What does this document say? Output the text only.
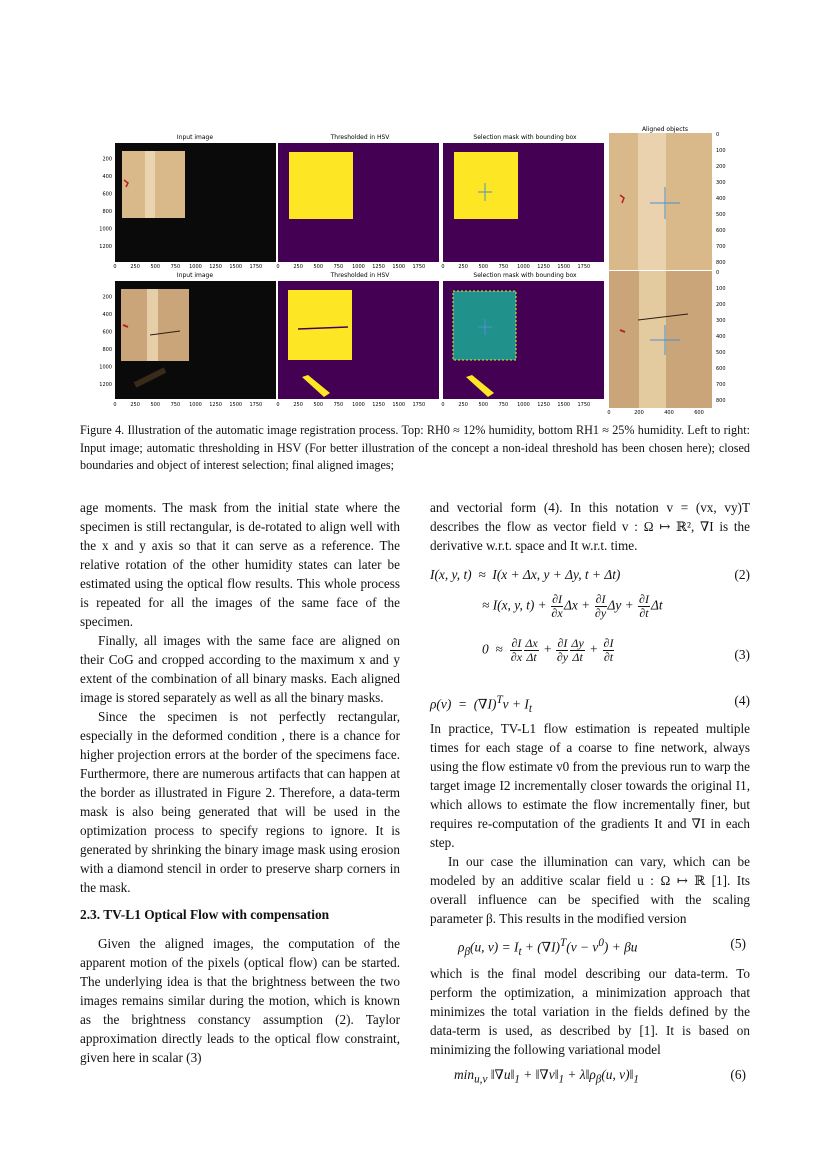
Input image	Thresholded in HSV	Selection mask with bounding box
Aligned objects
Input image	Thresholded in HSV	Selection mask with bounding box
0	250 500 750 1000 1250 1500 1750	0	250 500 750 1000 1250 1500 1750	0	250 500 750 1000 1250 1500 1750
0	250 500 750 1000 1250 1500 1750	0	250 500 750 1000 1250 1500 1750	0	250 500 750 1000 1250 1500 1750
200
400
600
800
1000
1200
200
400
600
800
1000
1200
0
100
200
300
400
500
600
700
800
0
100
200
300
400
500
600
700
800
0	200	400	600
Figure 4. Illustration of the automatic image registration process. Top: RH0 ≈ 12% humidity, bottom RH1 ≈ 25% humidity. Left to right: Input image; automatic thresholding in HSV (For better illustration of the concept a non-ideal threshold has been chosen here); closed boundaries and object of interest selection; final aligned images;

age moments. The mask from the initial state where the specimen is still rectangular, is de-rotated to align well with the x and y axis so that it can serve as a reference. The relative rotation of the other humidity states can later be estimated using the optical flow results. This whole process is repeated for all the images of the same face of the specimen.

Finally, all images with the same face are aligned on their CoG and cropped according to the maximum x and y extent of the combination of all binary masks. Each aligned image is stored separately as well as all the binary masks.

Since the specimen is not perfectly rectangular, especially in the deformed condition , there is a chance for higher projection errors at the border of the specimens face. Furthermore, there are numerous artifacts that can happen at the border as illustrated in Figure 2. Therefore, a data-term mask is also being generated that will be used in the optimization process to specify regions to ignore. It is generated by shrinking the binary image mask using erosion with a diamond stencil in order to preserve sharp corners in the mask.

2.3. TV-L1 Optical Flow with compensation

Given the aligned images, the computation of the apparent motion of the pixels (optical flow) can be started. The underlying idea is that the brightness between the two images remains similar during the motion, which is known as the brightness constancy assumption (2). Taylor approximation directly leads to the optical flow constraint, given here in scalar (3)

and vectorial form (4). In this notation v = (vx, vy)T describes the flow as vector field v : Ω ↦ ℝ², ∇I is the derivative w.r.t. space and It w.r.t. time.

I(x, y, t)  ≈  I(x + Δx, y + Δy, t + Δt)	(2)
≈ I(x, y, $t) + \frac{\partial I}{\partial x}$ $\Delta x + \frac{\partial I}{\partial y}$ $\Delta y + \frac{\partial I}{\partial t}$ Δt
$0 \approx \frac{\partial I}{\partial x} \frac{\Delta x}{\Delta t} + \frac{\partial I}{\partial y} \frac{\Delta y}{\Delta t} + \frac{\partial I}{\partial t}$	(3)
$\rho(v) = (\nabla I)^Tv + I_t$
(4)

In practice, TV-L1 flow estimation is repeated multiple times for each stage of a coarse to fine network, always using the flow estimate v0 from the previous run to warp the target image I2 incrementally closer towards the original I1, which allows to estimate the flow incrementally finer, but requires re-computation of the gradients It and ∇I in each step.

In our case the illumination can vary, which can be modeled by an additive scalar field u : Ω ↦ ℝ [1]. Its overall influence can be specified with the scaling parameter β. This results in the modified version

$\rho_\beta(u$, $v) = I_t + (\nabla I)^T(v - v^0) + \beta u$	(5)

which is the final model describing our data-term. To perform the optimization, a minimization approach that minimizes the total variation in the fields defined by the data-term is used, as described by [1]. It is based on minimizing the following variational model

$\min_{u,v}$ $‖\nabla u‖_1$ + $‖\nabla v‖_1$ + $\lambda‖\rho_\beta(u$, $v)‖_1$	(6)
